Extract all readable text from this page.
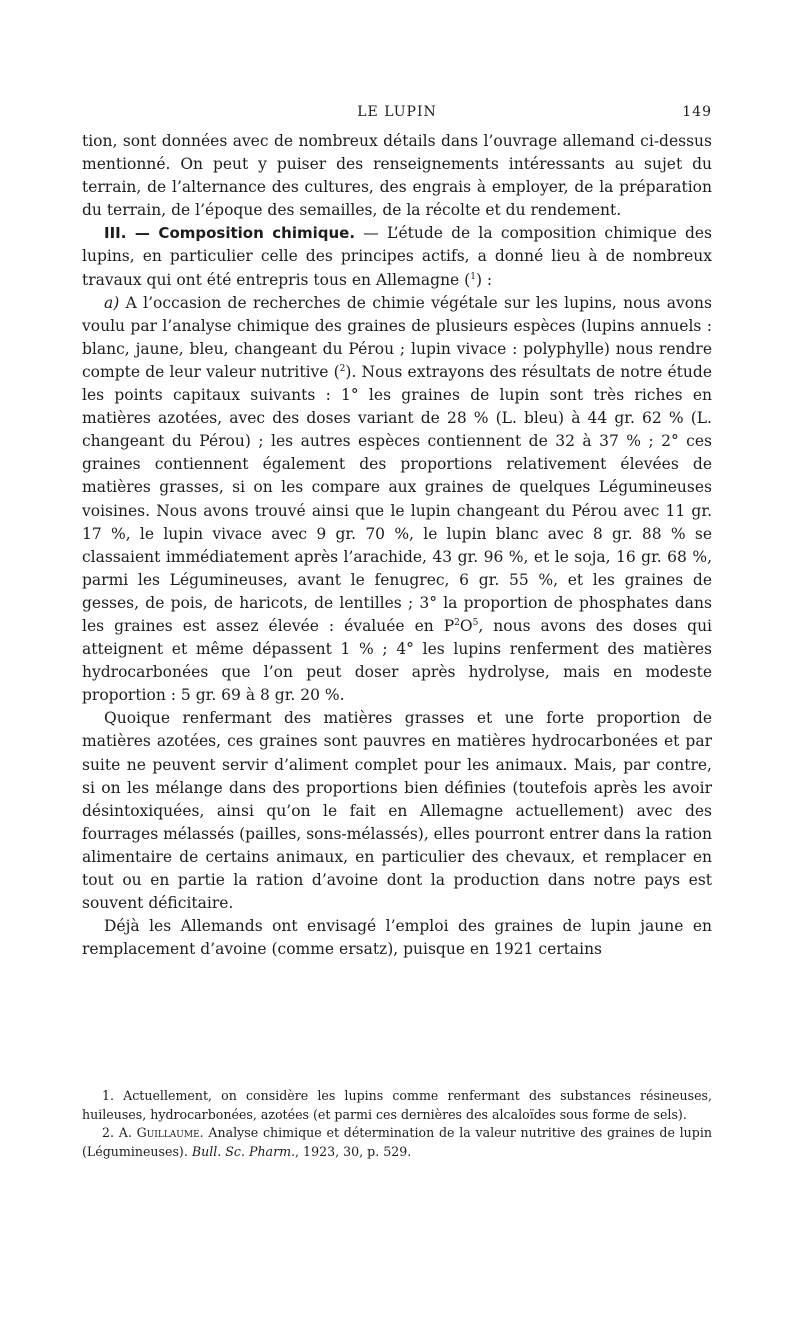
LE LUPIN	149

tion, sont données avec de nombreux détails dans l’ouvrage allemand ci-dessus mentionné. On peut y puiser des renseignements intéressants au sujet du terrain, de l’alternance des cultures, des engrais à employer, de la préparation du terrain, de l’époque des semailles, de la récolte et du rendement.

III. — Composition chimique. — L’étude de la composition chimique des lupins, en particulier celle des principes actifs, a donné lieu à de nombreux travaux qui ont été entrepris tous en Allemagne ($^1$) :

a) A l’occasion de recherches de chimie végétale sur les lupins, nous avons voulu par l’analyse chimique des graines de plusieurs espèces (lupins annuels : blanc, jaune, bleu, changeant du Pérou ; lupin vivace : polyphylle) nous rendre compte de leur valeur nutritive ($^2$). Nous extrayons des résultats de notre étude les points capitaux suivants : 1° les graines de lupin sont très riches en matières azotées, avec des doses variant de 28 % (L. bleu) à 44 gr. 62 % (L. changeant du Pérou) ; les autres espèces contiennent de 32 à 37 % ; 2° ces graines contiennent également des proportions relativement élevées de matières grasses, si on les compare aux graines de quelques Légumineuses voisines. Nous avons trouvé ainsi que le lupin changeant du Pérou avec 11 gr. 17 %, le lupin vivace avec 9 gr. 70 %, le lupin blanc avec 8 gr. 88 % se classaient immédiatement après l’arachide, 43 gr. 96 %, et le soja, 16 gr. 68 %, parmi les Légumineuses, avant le fenugrec, 6 gr. 55 %, et les graines de gesses, de pois, de haricots, de lentilles ; 3° la proportion de phosphates dans les graines est assez élevée : évaluée en $P^2O^5$, nous avons des doses qui atteignent et même dépassent 1 % ; 4° les lupins renferment des matières hydrocarbonées que l’on peut doser après hydrolyse, mais en modeste proportion : 5 gr. 69 à 8 gr. 20 %.

Quoique renfermant des matières grasses et une forte proportion de matières azotées, ces graines sont pauvres en matières hydrocarbonées et par suite ne peuvent servir d’aliment complet pour les animaux. Mais, par contre, si on les mélange dans des proportions bien définies (toutefois après les avoir désintoxiquées, ainsi qu’on le fait en Allemagne actuellement) avec des fourrages mélassés (pailles, sons-mélassés), elles pourront entrer dans la ration alimentaire de certains animaux, en particulier des chevaux, et remplacer en tout ou en partie la ration d’avoine dont la production dans notre pays est souvent déficitaire.

Déjà les Allemands ont envisagé l’emploi des graines de lupin jaune en remplacement d’avoine (comme ersatz), puisque en 1921 certains

1. Actuellement, on considère les lupins comme renfermant des substances résineuses, huileuses, hydrocarbonées, azotées (et parmi ces dernières des alcaloïdes sous forme de sels).

2. A. Guillaume. Analyse chimique et détermination de la valeur nutritive des graines de lupin (Légumineuses). Bull. Sc. Pharm., 1923, 30, p. 529.
